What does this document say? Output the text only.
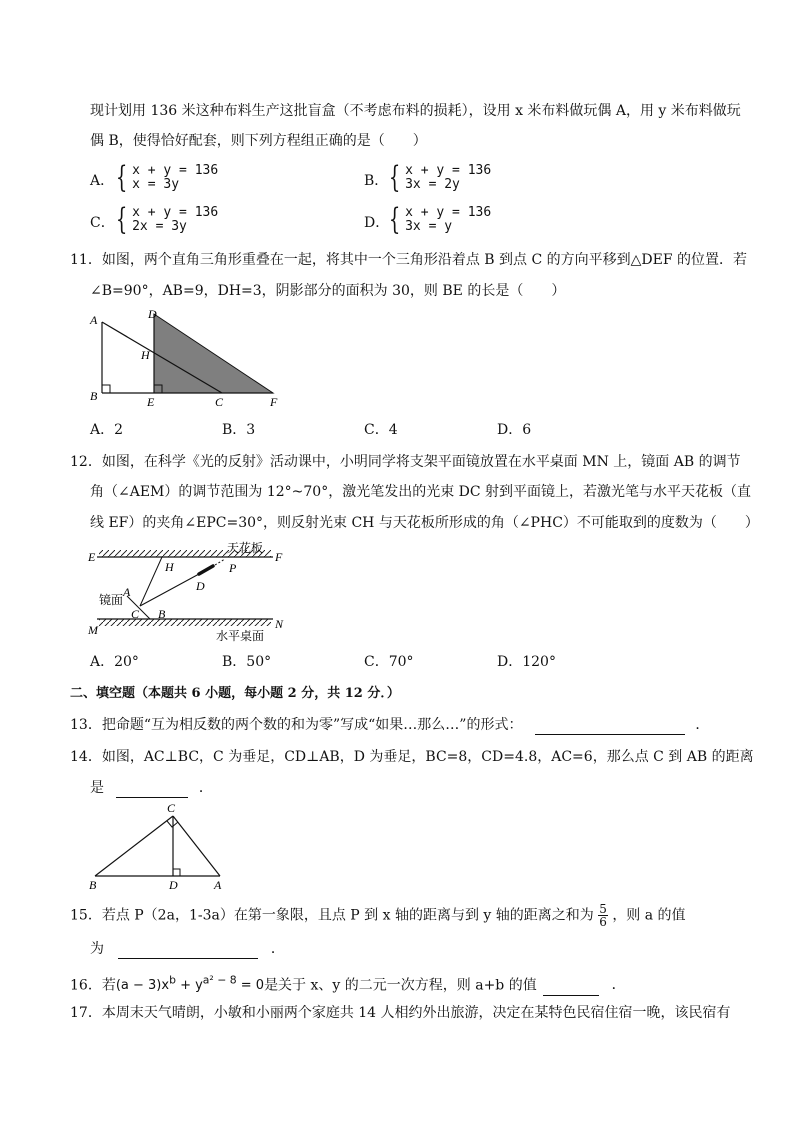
现计划用 136 米这种布料生产这批盲盒（不考虑布料的损耗），设用 x 米布料做玩偶 A，用 y 米布料做玩
偶 B，使得恰好配套，则下列方程组正确的是（　　）
A． { x + y = 136
x = 3y	B． { x + y = 136
3x = 2y
C． { x + y = 136
2x = 3y	D． { x + y = 136
3x = y
11．如图，两个直角三角形重叠在一起，将其中一个三角形沿着点 B 到点 C 的方向平移到△DEF 的位置．若
∠B=90°，AB=9，DH=3，阴影部分的面积为 30，则 BE 的长是（　　）
A
B
D
H
E	C	F
A．2	B．3	C．4	D．6
12．如图，在科学《光的反射》活动课中，小明同学将支架平面镜放置在水平桌面 MN 上，镜面 AB 的调节
角（∠AEM）的调节范围为 12°~70°，激光笔发出的光束 DC 射到平面镜上，若激光笔与水平天花板（直
线 EF）的夹角∠EPC=30°，则反射光束 CH 与天花板所形成的角（∠PHC）不可能取到的度数为（　　）
E	F
天花板
H	P
D
A
镜面
C B
M	N
水平桌面
A．20°	B．50°	C．70°	D．120°
二、填空题（本题共 6 小题，每小题 2 分，共 12 分．）
13．把命题“互为相反数的两个数的和为零”写成“如果…那么…”的形式：	．
14．如图，AC⊥BC，C 为垂足，CD⊥AB，D 为垂足，BC=8，CD=4.8，AC=6，那么点 C 到 AB 的距离
是	．
C
B	D	A
15．若点 P（2a，1-3a）在第一象限，且点 P 到 x 轴的距离与到 y 轴的距离之和为 $\frac{5}{6}$ ，则 a 的值
为	．
16．若$(a - 3)x^b + y^{a^2 - 8} = 0$是关于 x、y 的二元一次方程，则 a+b 的值	．
17．本周末天气晴朗，小敏和小丽两个家庭共 14 人相约外出旅游，决定在某特色民宿住宿一晚，该民宿有
